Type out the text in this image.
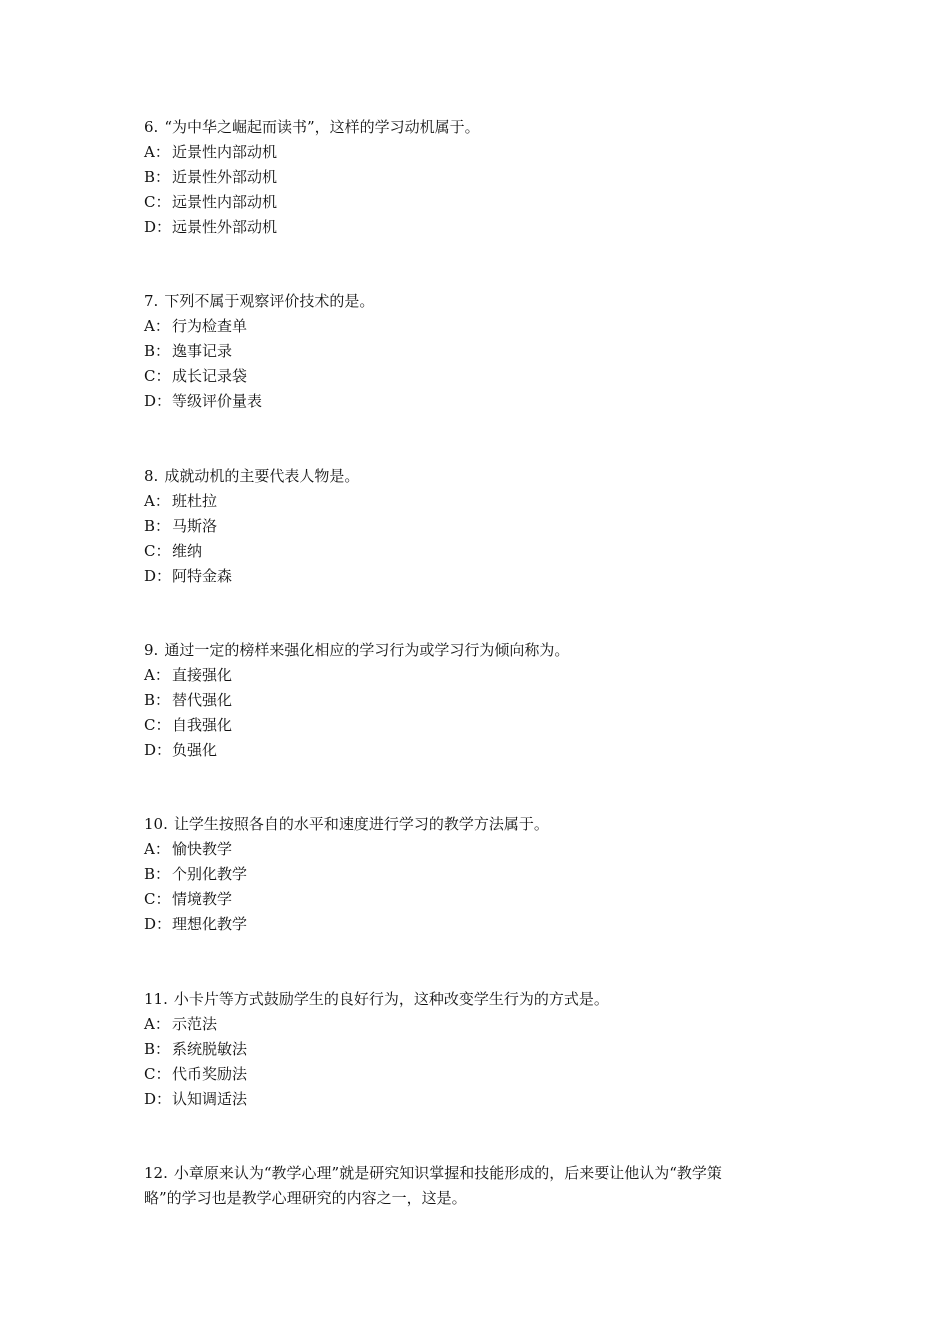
6. “为中华之崛起而读书”，这样的学习动机属于。
A： 近景性内部动机
B： 近景性外部动机
C： 远景性内部动机
D：远景性外部动机
7. 下列不属于观察评价技术的是。
A： 行为检查单
B： 逸事记录
C： 成长记录袋
D：等级评价量表
8. 成就动机的主要代表人物是。
A： 班杜拉
B： 马斯洛
C： 维纳
D：阿特金森
9. 通过一定的榜样来强化相应的学习行为或学习行为倾向称为。
A： 直接强化
B： 替代强化
C： 自我强化
D：负强化
10. 让学生按照各自的水平和速度进行学习的教学方法属于。
A： 愉快教学
B： 个别化教学
C： 情境教学
D：理想化教学
11. 小卡片等方式鼓励学生的良好行为，这种改变学生行为的方式是。
A： 示范法
B： 系统脱敏法
C： 代币奖励法
D：认知调适法
12. 小章原来认为“教学心理”就是研究知识掌握和技能形成的，后来要让他认为“教学策
略”的学习也是教学心理研究的内容之一，这是。
